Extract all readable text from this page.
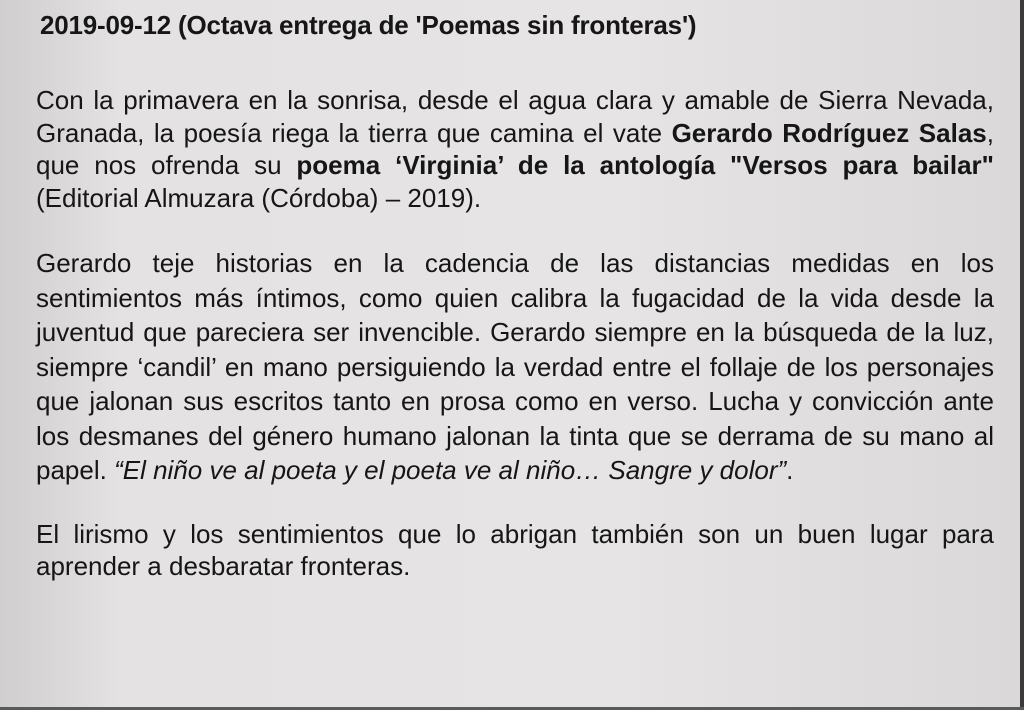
2019-09-12 (Octava entrega de 'Poemas sin fronteras')

Con la primavera en la sonrisa, desde el agua clara y amable de Sierra Nevada, Granada, la poesía riega la tierra que camina el vate Gerardo Rodríguez Salas, que nos ofrenda su poema ‘Virginia’ de la antología "Versos para bailar" (Editorial Almuzara (Córdoba) – 2019).

Gerardo teje historias en la cadencia de las distancias medidas en los sentimientos más íntimos, como quien calibra la fugacidad de la vida desde la juventud que pareciera ser invencible. Gerardo siempre en la búsqueda de la luz, siempre ‘candil’ en mano persiguiendo la verdad entre el follaje de los personajes que jalonan sus escritos tanto en prosa como en verso. Lucha y convicción ante los desmanes del género humano jalonan la tinta que se derrama de su mano al papel. “El niño ve al poeta y el poeta ve al niño… Sangre y dolor”.

El lirismo y los sentimientos que lo abrigan también son un buen lugar para aprender a desbaratar fronteras.
